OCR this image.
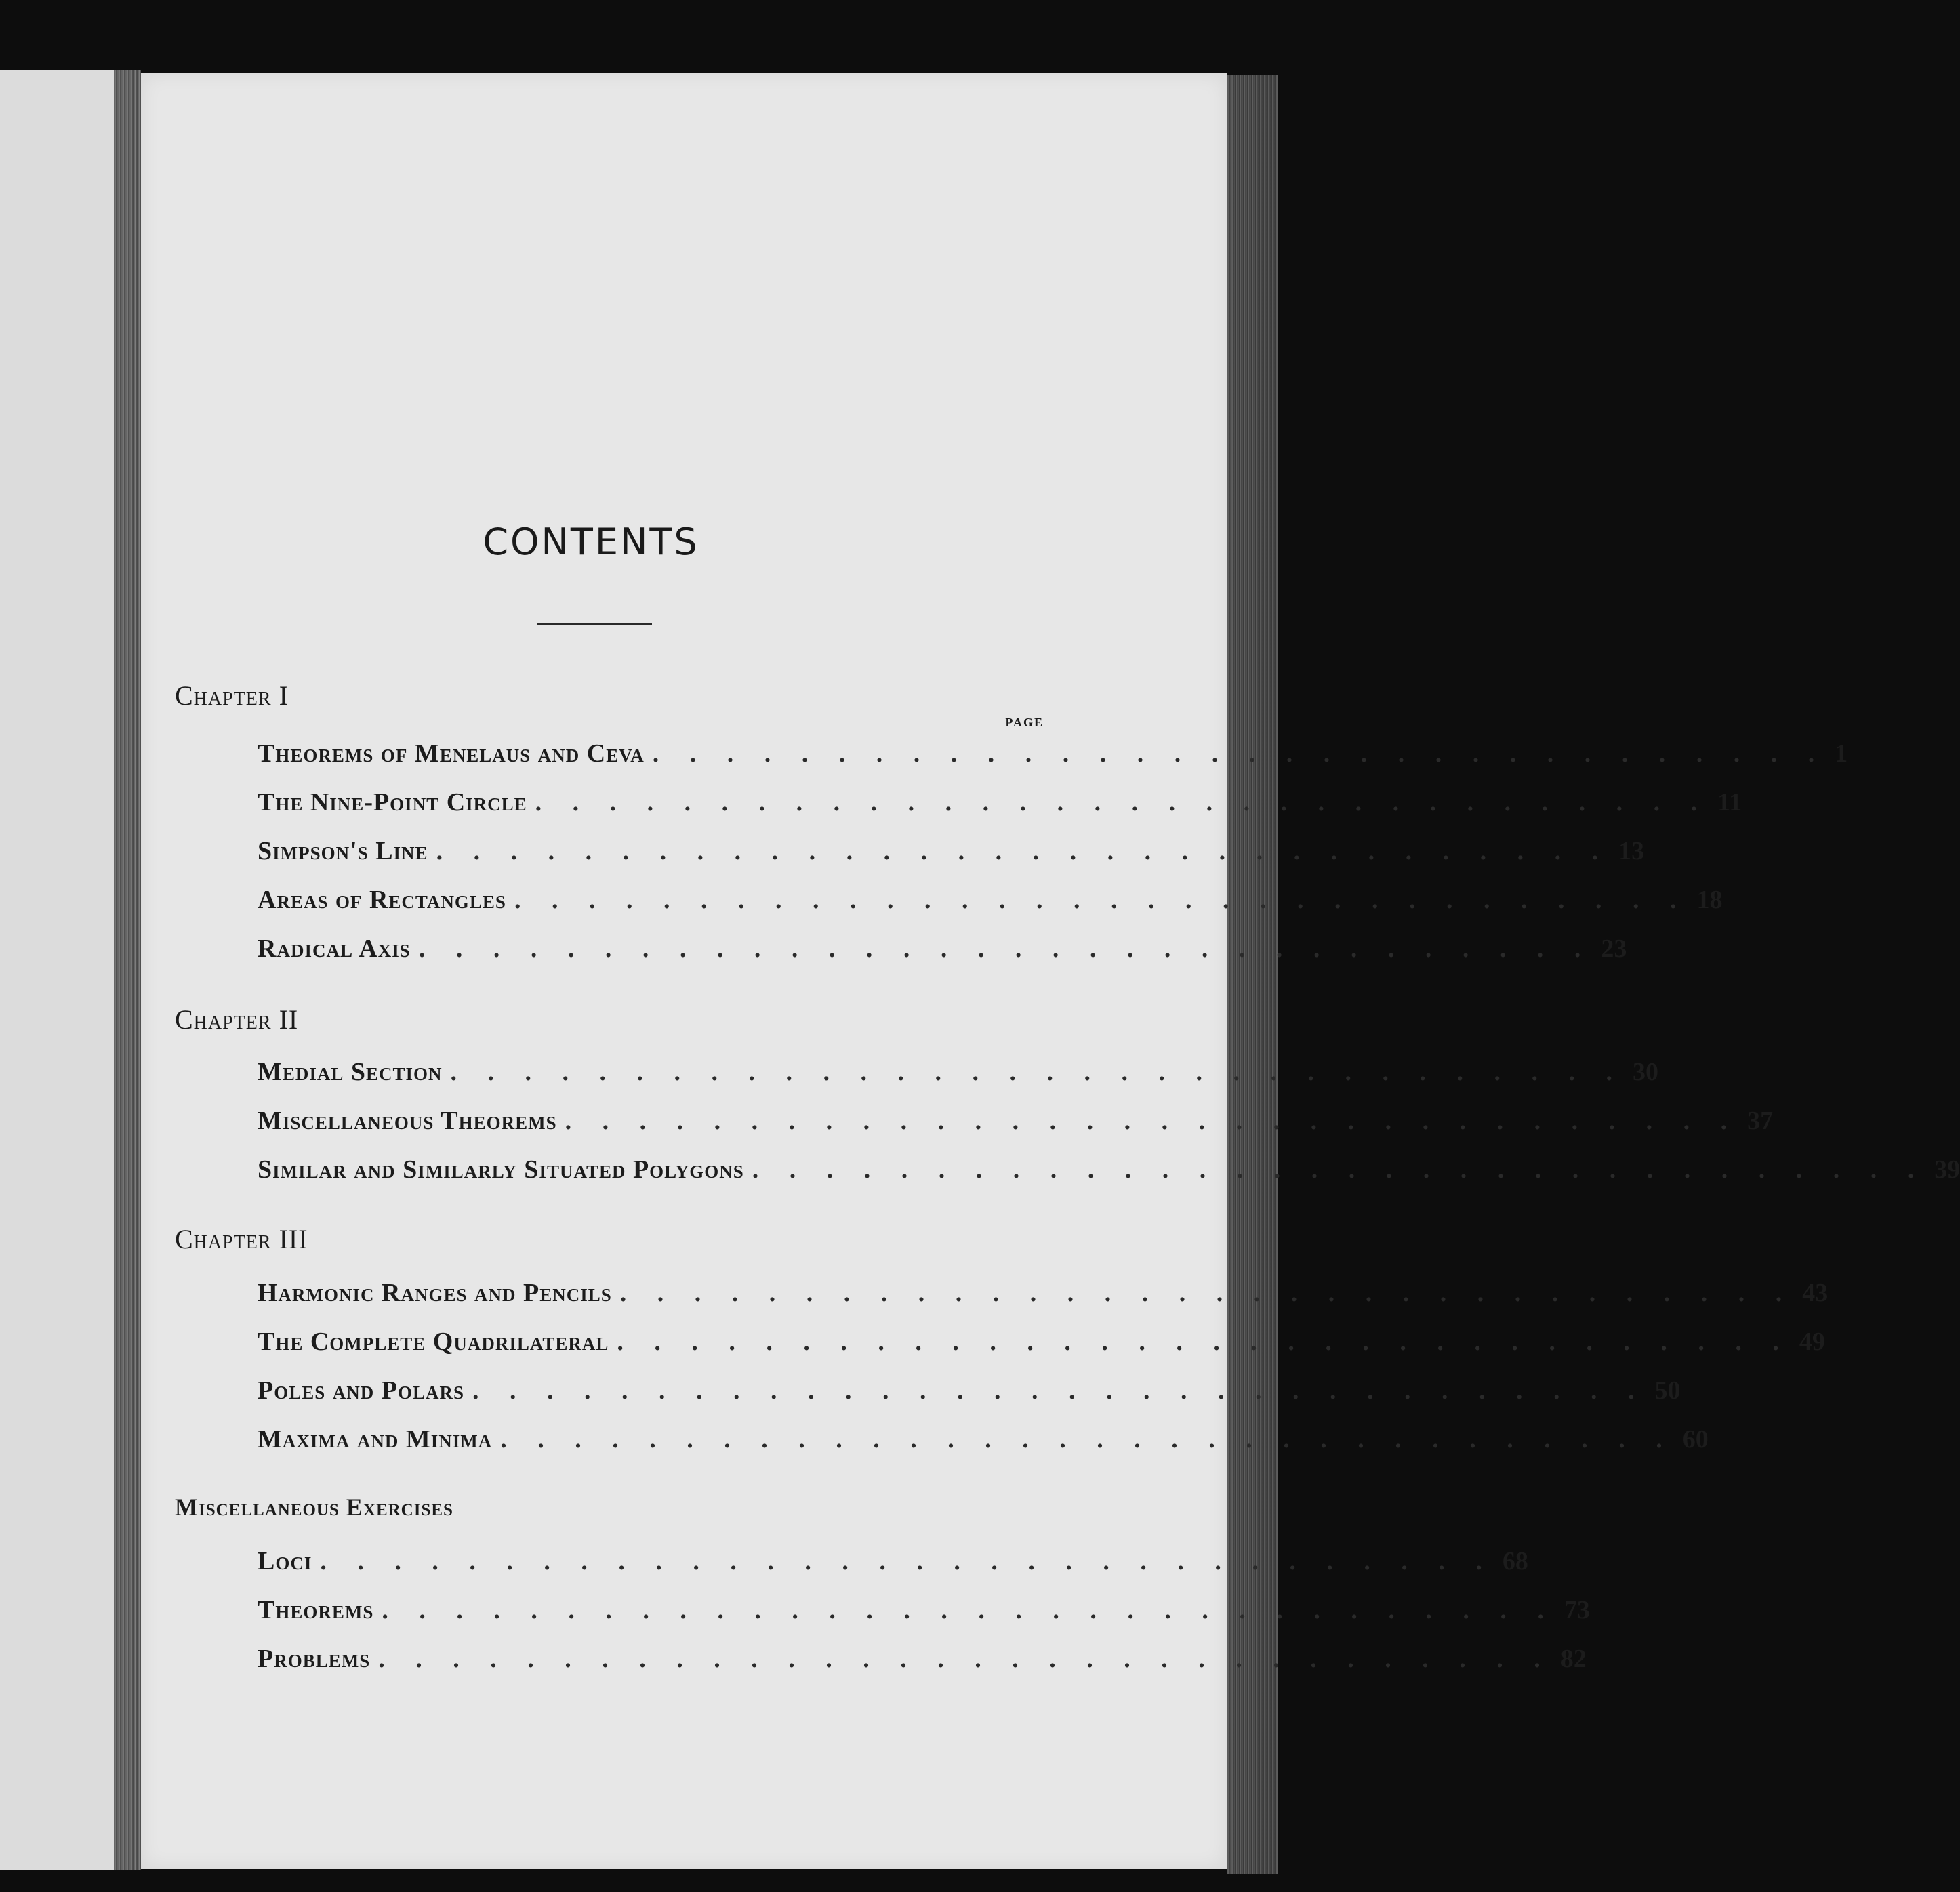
CONTENTS
Chapter I
PAGE
Theorems of Menelaus and Ceva . . . . . . . . . . . . . . . . . . . . . . . . . . . . . . . . 1
The Nine-Point Circle . . . . . . . . . . . . . . . . . . . . . . . . . . . . . . . . 11
Simpson's Line . . . . . . . . . . . . . . . . . . . . . . . . . . . . . . . . 13
Areas of Rectangles . . . . . . . . . . . . . . . . . . . . . . . . . . . . . . . . 18
Radical Axis . . . . . . . . . . . . . . . . . . . . . . . . . . . . . . . . 23
Chapter II
Medial Section . . . . . . . . . . . . . . . . . . . . . . . . . . . . . . . . 30
Miscellaneous Theorems . . . . . . . . . . . . . . . . . . . . . . . . . . . . . . . . 37
Similar and Similarly Situated Polygons . . . . . . . . . . . . . . . . . . . . . . . . . . . . . . . . 39
Chapter III
Harmonic Ranges and Pencils . . . . . . . . . . . . . . . . . . . . . . . . . . . . . . . . 43
The Complete Quadrilateral . . . . . . . . . . . . . . . . . . . . . . . . . . . . . . . . 49
Poles and Polars . . . . . . . . . . . . . . . . . . . . . . . . . . . . . . . . 50
Maxima and Minima . . . . . . . . . . . . . . . . . . . . . . . . . . . . . . . . 60
Miscellaneous Exercises
Loci . . . . . . . . . . . . . . . . . . . . . . . . . . . . . . . . 68
Theorems . . . . . . . . . . . . . . . . . . . . . . . . . . . . . . . . 73
Problems . . . . . . . . . . . . . . . . . . . . . . . . . . . . . . . . 82
